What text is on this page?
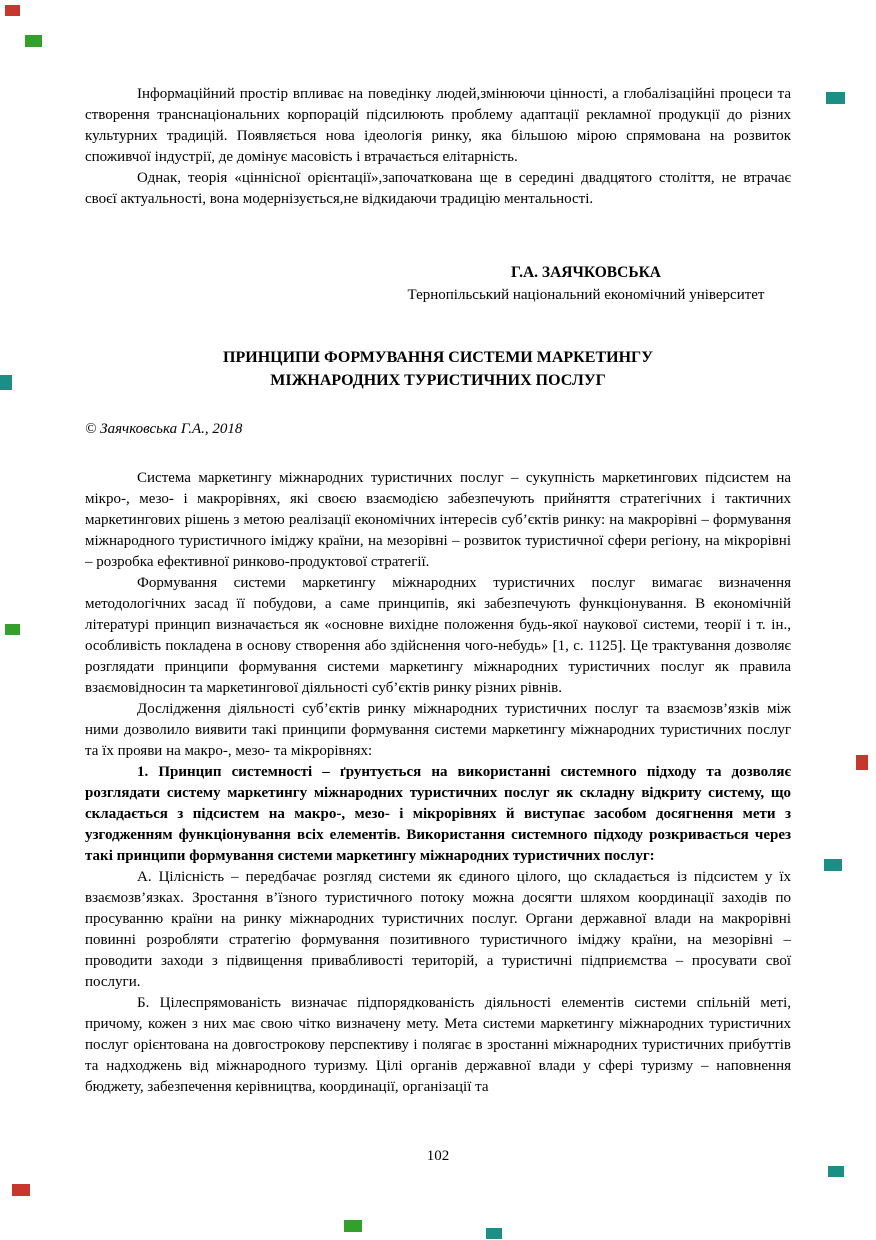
Інформаційний простір впливає на поведінку людей,змінюючи цінності, а глобалізаційні процеси та створення транснаціональних корпорацій підсилюють проблему адаптації рекламної продукції до різних культурних традицій. Появляється нова ідеологія ринку, яка більшою мірою спрямована на розвиток споживчої індустрії, де домінує масовість і втрачається елітарність.

Однак, теорія «ціннісної орієнтації»,започаткована ще в середині двадцятого століття, не втрачає своєї актуальності, вона модернізується,не відкидаючи традицію ментальності.

Г.А. ЗАЯЧКОВСЬКА
Тернопільський національний економічний університет
ПРИНЦИПИ ФОРМУВАННЯ СИСТЕМИ МАРКЕТИНГУ
МІЖНАРОДНИХ ТУРИСТИЧНИХ ПОСЛУГ
© Заячковська Г.А., 2018

Система маркетингу міжнародних туристичних послуг – сукупність маркетингових підсистем на мікро-, мезо- і макрорівнях, які своєю взаємодією забезпечують прийняття стратегічних і тактичних маркетингових рішень з метою реалізації економічних інтересів суб’єктів ринку: на макрорівні – формування міжнародного туристичного іміджу країни, на мезорівні – розвиток туристичної сфери регіону, на мікрорівні – розробка ефективної ринково-продуктової стратегії.

Формування системи маркетингу міжнародних туристичних послуг вимагає визначення методологічних засад її побудови, а саме принципів, які забезпечують функціонування. В економічній літературі принцип визначається як «основне вихідне положення будь-якої наукової системи, теорії і т. ін., особливість покладена в основу створення або здійснення чого-небудь» [1, с. 1125]. Це трактування дозволяє розглядати принципи формування системи маркетингу міжнародних туристичних послуг як правила взаємовідносин та маркетингової діяльності суб’єктів ринку різних рівнів.

Дослідження діяльності суб’єктів ринку міжнародних туристичних послуг та взаємозв’язків між ними дозволило виявити такі принципи формування системи маркетингу міжнародних туристичних послуг та їх прояви на макро-, мезо- та мікрорівнях:

1. Принцип системності – ґрунтується на використанні системного підходу та дозволяє розглядати систему маркетингу міжнародних туристичних послуг як складну відкриту систему, що складається з підсистем на макро-, мезо- і мікрорівнях й виступає засобом досягнення мети з узгодженням функціонування всіх елементів. Використання системного підходу розкривається через такі принципи формування системи маркетингу міжнародних туристичних послуг:

А. Цілісність – передбачає розгляд системи як єдиного цілого, що складається із підсистем у їх взаємозв’язках. Зростання в’їзного туристичного потоку можна досягти шляхом координації заходів по просуванню країни на ринку міжнародних туристичних послуг. Органи державної влади на макрорівні повинні розробляти стратегію формування позитивного туристичного іміджу країни, на мезорівні – проводити заходи з підвищення привабливості територій, а туристичні підприємства – просувати свої послуги.

Б. Цілеспрямованість визначає підпорядкованість діяльності елементів системи спільній меті, причому, кожен з них має свою чітко визначену мету. Мета системи маркетингу міжнародних туристичних послуг орієнтована на довгострокову перспективу і полягає в зростанні міжнародних туристичних прибуттів та надходжень від міжнародного туризму. Цілі органів державної влади у сфері туризму – наповнення бюджету, забезпечення керівництва, координації, організації та

102
